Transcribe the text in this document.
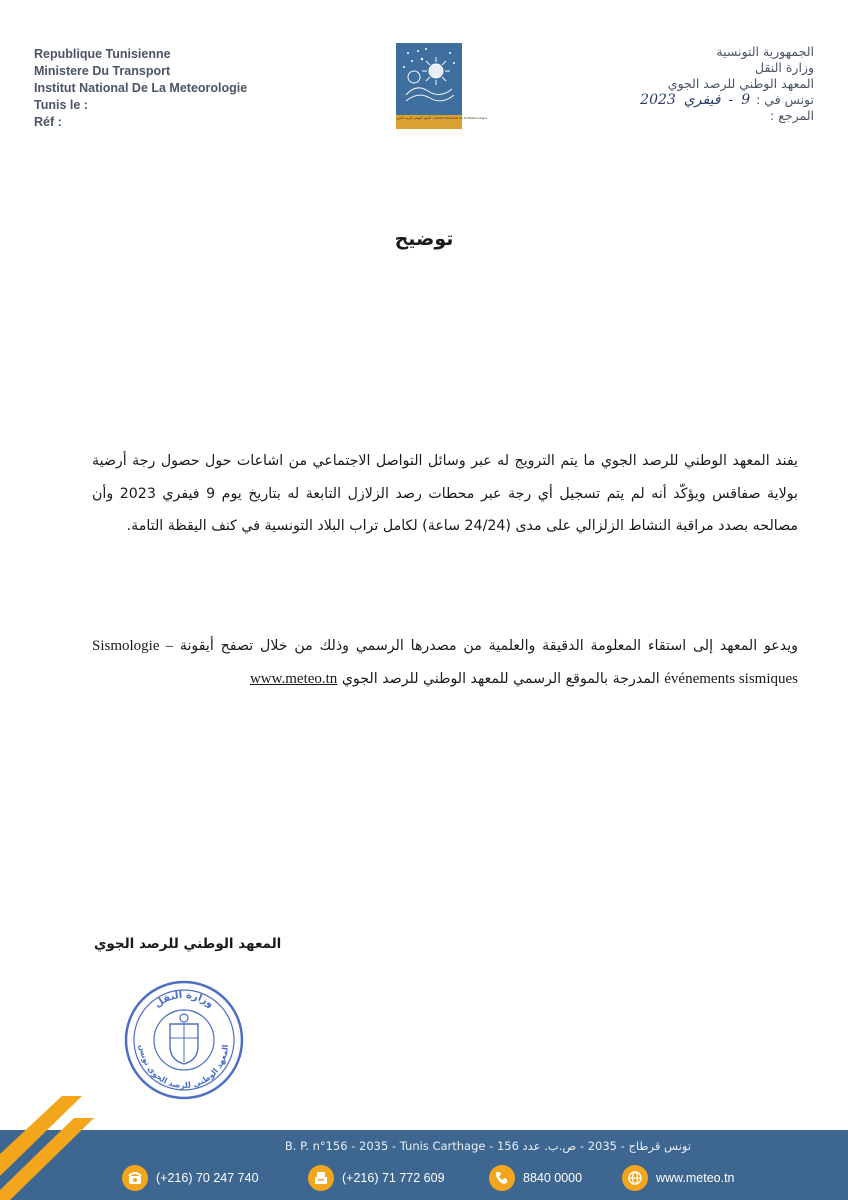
Republique Tunisienne
Ministere Du Transport
Institut National De La Meteorologie
Tunis le :
Réf :	المعهد الوطني للرصد الجوي - Institut National de la Météorologie
الجمهورية التونسية
وزارة النقل
المعهد الوطني للرصد الجوي
تونس في : 9 - فيفري 2023
المرجع :
توضيح
يفند المعهد الوطني للرصد الجوي ما يتم الترويج له عبر وسائل التواصل الاجتماعي من اشاعات حول حصول رجة أرضية بولاية صفاقس ويؤكّد أنه لم يتم تسجيل أي رجة عبر محطات رصد الزلازل التابعة له بتاريخ يوم 9 فيفري 2023 وأن مصالحه بصدد مراقبة النشاط الزلزالي على مدى (24/24 ساعة) لكامل تراب البلاد التونسية في كنف اليقظة التامة.
ويدعو المعهد إلى استقاء المعلومة الدقيقة والعلمية من مصدرها الرسمي وذلك من خلال تصفح أيقونة Sismologie – événements sismiques المدرجة بالموقع الرسمي للمعهد الوطني للرصد الجوي www.meteo.tn
المعهد الوطني للرصد الجوي
وزارة النقل
المعهد الوطني للرصد الجوي تونس
B. P. n°156 - 2035 - Tunis Carthage - تونس قرطاج - 2035 - ص.ب. عدد 156
(+216) 70 247 740	(+216) 71 772 609	8840 0000	www.meteo.tn
